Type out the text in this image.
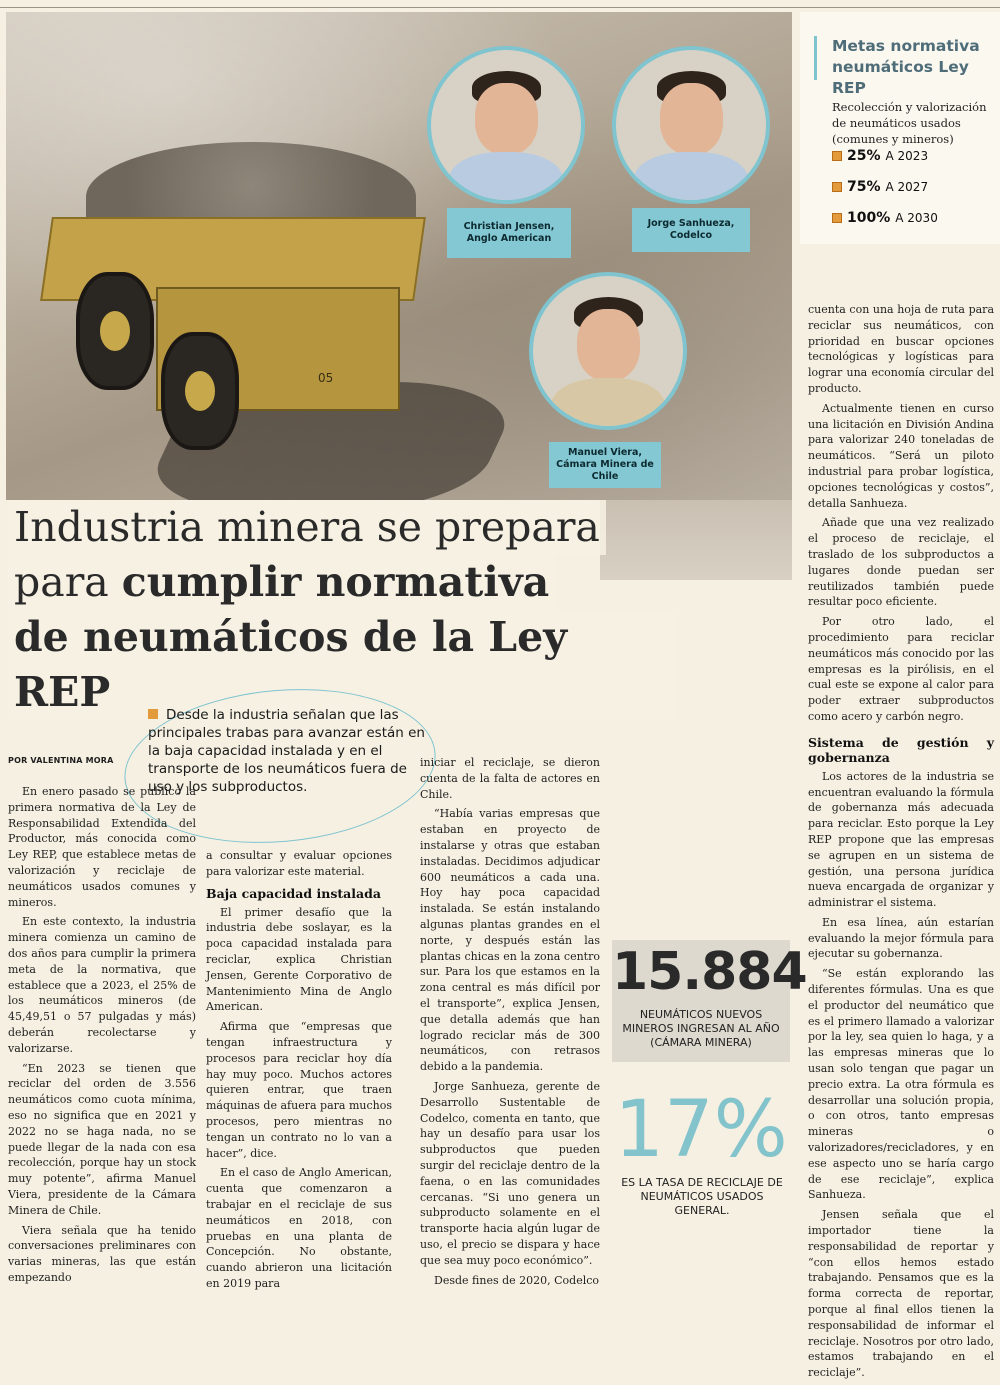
05
Christian Jensen, Anglo American
Jorge Sanhueza, Codelco
Manuel Viera, Cámara Minera de Chile
Metas normativa neumáticos Ley REP
Recolección y valorización de neumáticos usados (comunes y mineros)
25% A 2023
75% A 2027
100% A 2030
Industria minera se prepara
para cumplir normativa
de neumáticos de la Ley REP	Desde la industria señalan que las principales trabas para avanzar están en la baja capacidad instalada y en el transporte de los neumáticos fuera de uso y los subproductos.
POR VALENTINA MORA

En enero pasado se publicó la primera normativa de la Ley de Responsabilidad Extendida del Productor, más conocida como Ley REP, que establece metas de valorización y reciclaje de neumáticos usados comunes y mineros.

En este contexto, la industria minera comienza un camino de dos años para cumplir la primera meta de la normativa, que establece que a 2023, el 25% de los neumáticos mineros (de 45,49,51 o 57 pulgadas y más) deberán recolectarse y valorizarse.

“En 2023 se tienen que reciclar del orden de 3.556 neumáticos como cuota mínima, eso no significa que en 2021 y 2022 no se haga nada, no se puede llegar de la nada con esa recolección, porque hay un stock muy potente”, afirma Manuel Viera, presidente de la Cámara Minera de Chile.

Viera señala que ha tenido conversaciones preliminares con varias mineras, las que están empezando

a consultar y evaluar opciones para valorizar este material.

Baja capacidad instalada

El primer desafío que la industria debe soslayar, es la poca capacidad instalada para reciclar, explica Christian Jensen, Gerente Corporativo de Mantenimiento Mina de Anglo American.

Afirma que “empresas que tengan infraestructura y procesos para reciclar hoy día hay muy poco. Muchos actores quieren entrar, que traen máquinas de afuera para muchos procesos, pero mientras no tengan un contrato no lo van a hacer”, dice.

En el caso de Anglo American, cuenta que comenzaron a trabajar en el reciclaje de sus neumáticos en 2018, con pruebas en una planta de Concepción. No obstante, cuando abrieron una licitación en 2019 para

iniciar el reciclaje, se dieron cuenta de la falta de actores en Chile.

“Había varias empresas que estaban en proyecto de instalarse y otras que estaban instaladas. Decidimos adjudicar 600 neumáticos a cada una. Hoy hay poca capacidad instalada. Se están instalando algunas plantas grandes en el norte, y después están las plantas chicas en la zona centro sur. Para los que estamos en la zona central es más difícil por el transporte”, explica Jensen, que detalla además que han logrado reciclar más de 300 neumáticos, con retrasos debido a la pandemia.

Jorge Sanhueza, gerente de Desarrollo Sustentable de Codelco, comenta en tanto, que hay un desafío para usar los subproductos que pueden surgir del reciclaje dentro de la faena, o en las comunidades cercanas. “Si uno genera un subproducto solamente en el transporte hacia algún lugar de uso, el precio se dispara y hace que sea muy poco económico”.

Desde fines de 2020, Codelco

15.884
NEUMÁTICOS NUEVOS MINEROS INGRESAN AL AÑO (CÁMARA MINERA)
17%
ES LA TASA DE RECICLAJE DE NEUMÁTICOS USADOS GENERAL.

cuenta con una hoja de ruta para reciclar sus neumáticos, con prioridad en buscar opciones tecnológicas y logísticas para lograr una economía circular del producto.

Actualmente tienen en curso una licitación en División Andina para valorizar 240 toneladas de neumáticos. “Será un piloto industrial para probar logística, opciones tecnológicas y costos”, detalla Sanhueza.

Añade que una vez realizado el proceso de reciclaje, el traslado de los subproductos a lugares donde puedan ser reutilizados también puede resultar poco eficiente.

Por otro lado, el procedimiento para reciclar neumáticos más conocido por las empresas es la pirólisis, en el cual este se expone al calor para poder extraer subproductos como acero y carbón negro.

Sistema de gestión y gobernanza

Los actores de la industria se encuentran evaluando la fórmula de gobernanza más adecuada para reciclar. Esto porque la Ley REP propone que las empresas se agrupen en un sistema de gestión, una persona jurídica nueva encargada de organizar y administrar el sistema.

En esa línea, aún estarían evaluando la mejor fórmula para ejecutar su gobernanza.

“Se están explorando las diferentes fórmulas. Una es que el productor del neumático que es el primero llamado a valorizar por la ley, sea quien lo haga, y a las empresas mineras que lo usan solo tengan que pagar un precio extra. La otra fórmula es desarrollar una solución propia, o con otros, tanto empresas mineras o valorizadores/recicladores, y en ese aspecto uno se haría cargo de ese reciclaje”, explica Sanhueza.

Jensen señala que el importador tiene la responsabilidad de reportar y “con ellos hemos estado trabajando. Pensamos que es la forma correcta de reportar, porque al final ellos tienen la responsabilidad de informar el reciclaje. Nosotros por otro lado, estamos trabajando en el reciclaje”.
